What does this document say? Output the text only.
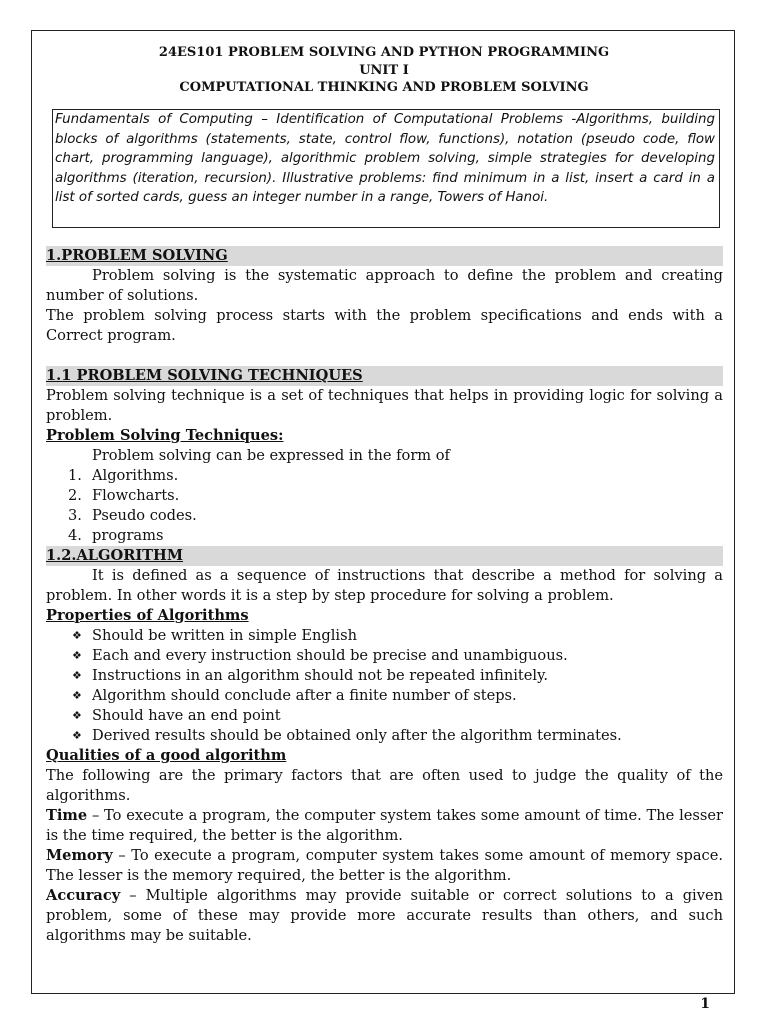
24ES101 PROBLEM SOLVING AND PYTHON PROGRAMMING
UNIT I
COMPUTATIONAL THINKING AND PROBLEM SOLVING
Fundamentals of Computing – Identification of Computational Problems -Algorithms, building blocks of algorithms (statements, state, control flow, functions), notation (pseudo code, flow chart, programming language), algorithmic problem solving, simple strategies for developing algorithms (iteration, recursion). Illustrative problems: find minimum in a list, insert a card in a list of sorted cards, guess an integer number in a range, Towers of Hanoi.

1.PROBLEM SOLVING

Problem solving is the systematic approach to define the problem and creating number of solutions.

The problem solving process starts with the problem specifications and ends with a Correct program.

1.1 PROBLEM SOLVING TECHNIQUES

Problem solving technique is a set of techniques that helps in providing logic for solving a problem.

Problem Solving Techniques:

Problem solving can be expressed in the form of

1. Algorithms.
2. Flowcharts.
3. Pseudo codes.
4. programs

1.2.ALGORITHM

It is defined as a sequence of instructions that describe a method for solving a problem. In other words it is a step by step procedure for solving a problem.

Properties of Algorithms

❖ Should be written in simple English
❖ Each and every instruction should be precise and unambiguous.
❖ Instructions in an algorithm should not be repeated infinitely.
❖ Algorithm should conclude after a finite number of steps.
❖ Should have an end point
❖ Derived results should be obtained only after the algorithm terminates.

Qualities of a good algorithm

The following are the primary factors that are often used to judge the quality of the algorithms.

Time – To execute a program, the computer system takes some amount of time. The lesser is the time required, the better is the algorithm.

Memory – To execute a program, computer system takes some amount of memory space. The lesser is the memory required, the better is the algorithm.

Accuracy – Multiple algorithms may provide suitable or correct solutions to a given problem, some of these may provide more accurate results than others, and such algorithms may be suitable.

1
